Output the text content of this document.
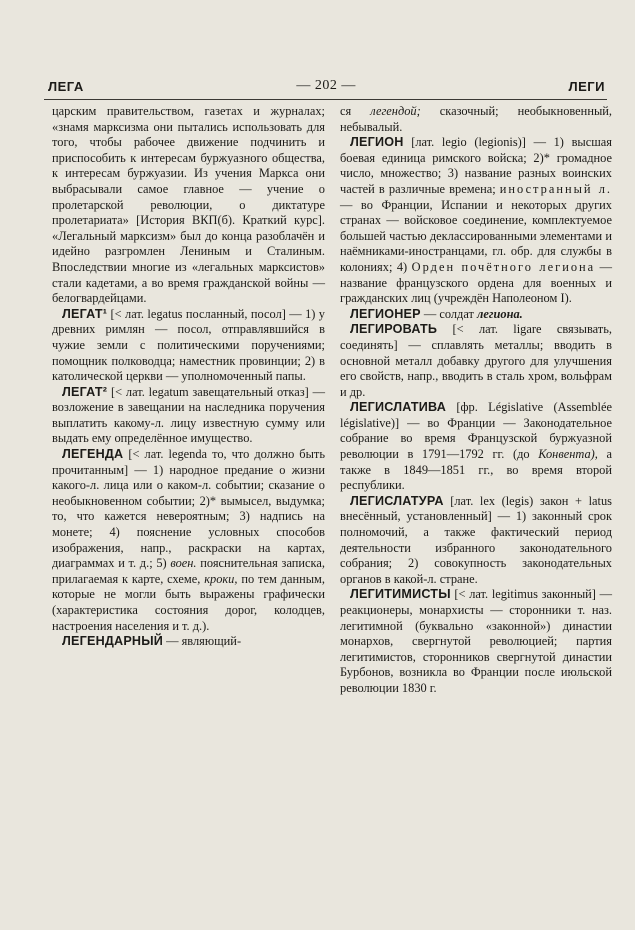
ЛЕГА	— 202 —	ЛЕГИ

царским правительством, газетах и журналах; «знамя марксизма они пытались использовать для того, чтобы рабочее движение подчинить и приспособить к интересам буржуазного общества, к интересам буржуазии. Из учения Маркса они выбрасывали самое главное — учение о пролетарской революции, о диктатуре пролетариата» [История ВКП(б). Краткий курс]. «Легальный марксизм» был до конца разоблачён и идейно разгромлен Лениным и Сталиным. Впоследствии многие из «легальных марксистов» стали кадетами, а во время гражданской войны — белогвардейцами.

ЛЕГАТ¹ [< лат. legatus посланный, посол] — 1) у древних римлян — посол, отправлявшийся в чужие земли с политическими поручениями; помощник полководца; наместник провинции; 2) в католической церкви — уполномоченный папы.

ЛЕГАТ² [< лат. legatum завещательный отказ] — возложение в завещании на наследника поручения выплатить какому-л. лицу известную сумму или выдать ему определённое имущество.

ЛЕГЕНДА [< лат. legenda то, что должно быть прочитанным] — 1) народное предание о жизни какого-л. лица или о каком-л. событии; сказание о необыкновенном событии; 2)* вымысел, выдумка; то, что кажется невероятным; 3) надпись на монете; 4) пояснение условных способов изображения, напр., раскраски на картах, диаграммах и т. д.; 5) воен. пояснительная записка, прилагаемая к карте, схеме, кроки, по тем данным, которые не могли быть выражены графически (характеристика состояния дорог, колодцев, настроения населения и т. д.).

ЛЕГЕНДАРНЫЙ — являющий-

ся легендой; сказочный; необыкновенный, небывалый.

ЛЕГИОН [лат. legio (legionis)] — 1) высшая боевая единица римского войска; 2)* громадное число, множество; 3) название разных воинских частей в различные времена; иностранный л. — во Франции, Испании и некоторых других странах — войсковое соединение, комплектуемое большей частью деклассированными элементами и наёмниками-иностранцами, гл. обр. для службы в колониях; 4) Орден почётного легиона — название французского ордена для военных и гражданских лиц (учреждён Наполеоном I).

ЛЕГИОНЕР — солдат легиона.

ЛЕГИРОВАТЬ [< лат. ligare связывать, соединять] — сплавлять металлы; вводить в основной металл добавку другого для улучшения его свойств, напр., вводить в сталь хром, вольфрам и др.

ЛЕГИСЛАТИВА [фр. Législative (Assemblée législative)] — во Франции — Законодательное собрание во время Французской буржуазной революции в 1791—1792 гг. (до Конвента), а также в 1849—1851 гг., во время второй республики.

ЛЕГИСЛАТУРА [лат. lex (legis) закон + latus внесённый, установленный] — 1) законный срок полномочий, а также фактический период деятельности избранного законодательного собрания; 2) совокупность законодательных органов в какой-л. стране.

ЛЕГИТИМИСТЫ [< лат. legitimus законный] — реакционеры, монархисты — сторонники т. наз. легитимной (буквально «законной») династии монархов, свергнутой революцией; партия легитимистов, сторонников свергнутой династии Бурбонов, возникла во Франции после июльской революции 1830 г.
